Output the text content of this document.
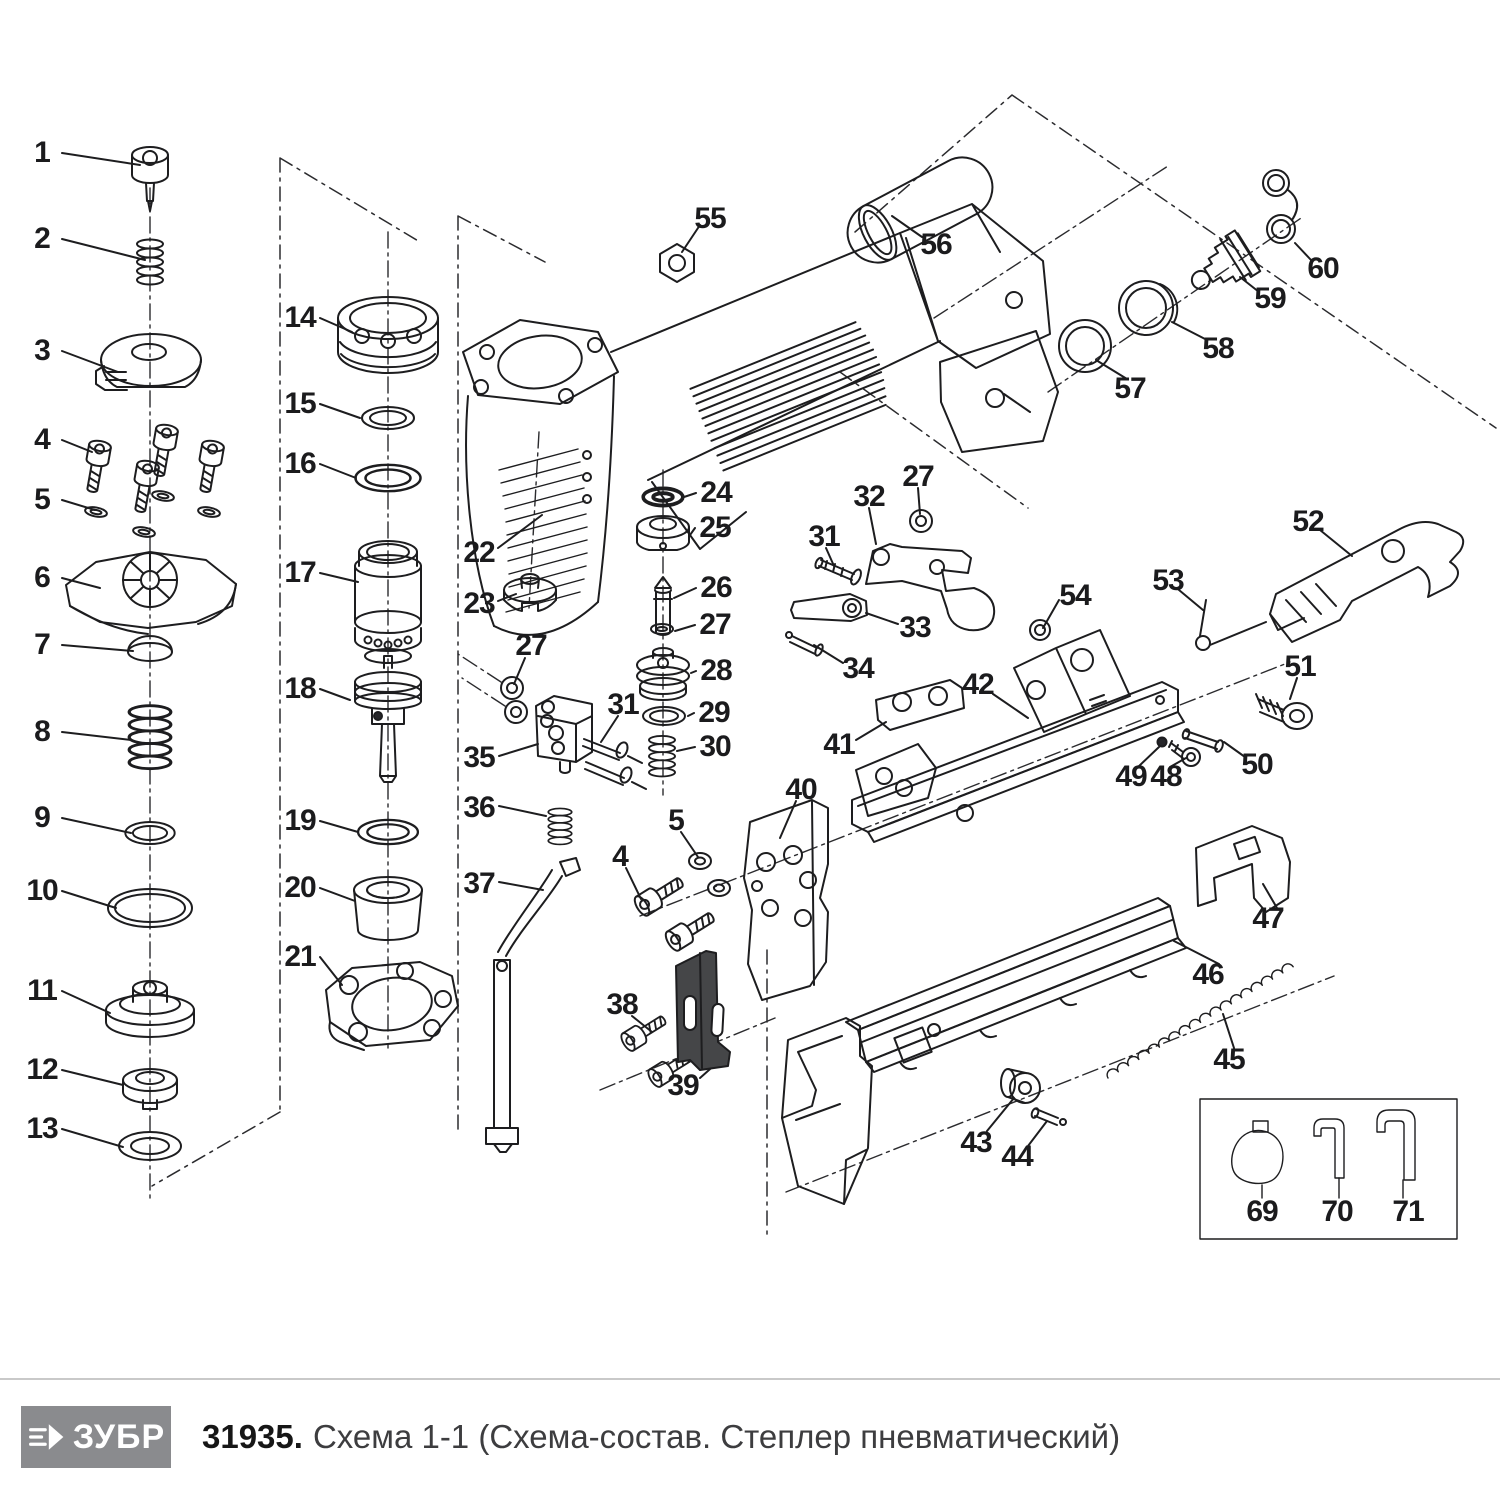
1
2
3
4
5
6
7
8
9
10
11
12
13
14
15
16
17
18
19
20
21
22
23
55
56
24
25
26
27
28
29
30
27
35
31
36
37
4
5
38
39
40
41
42
31
32
27
33
34
54 53
52
51
49 48 50
47
46
45
43 44
57
58
59
60
69 70 71
ЗУБР 31935. Схема 1-1 (Схема-состав. Степлер пневматический)
